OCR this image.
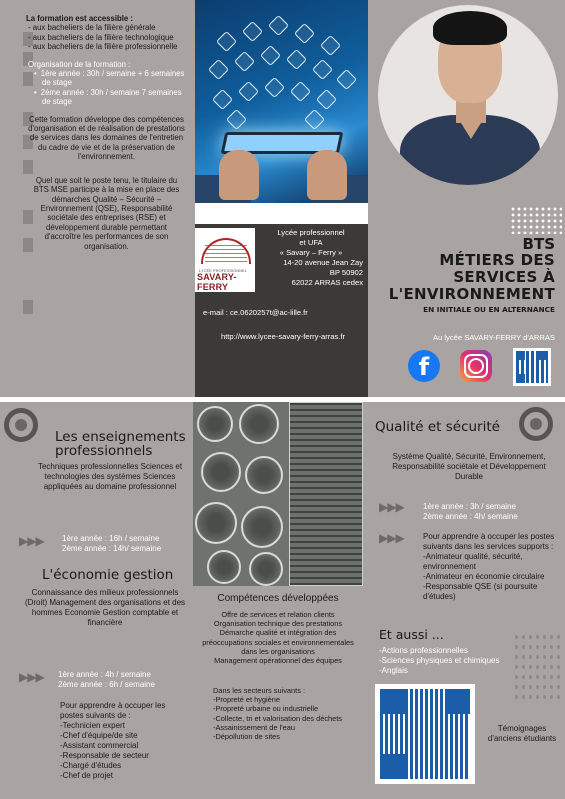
La formation est accessible :
- aux bacheliers de la filière générale
- aux bacheliers de la filière technologique
- aux bacheliers de la filière professionnelle
Organisation de la formation :
• 1ère année : 30h / semaine + 6 semaines de stage
• 2ème année : 30h / semaine 7 semaines de stage

Cette formation développe des compétences d'organisation et de réalisation de prestations de services dans les domaines de l'entretien du cadre de vie et de la préservation de l'environnement.

Quel que soit le poste tenu, le titulaire du BTS MSE participe à la mise en place des démarches Qualité – Sécurité – Environnement (QSE), Responsabilité sociétale des entreprises (RSE) et développement durable permettant d'accroître les performances de son organisation.

LYCÉE PROFESSIONNEL
SAVARY-FERRY
Lycée professionnel
et UFA
« Savary – Ferry »
14-20 avenue Jean Zay
BP 50902
62022 ARRAS cedex

e-mail : ce.0620257t@ac-lille.fr

http://www.lycee-savary-ferry-arras.fr

BTS
MÉTIERS DES
SERVICES À
L'ENVIRONNEMENT
EN INITIALE OU EN ALTERNANCE
Au lycée SAVARY-FERRY d'ARRAS
f
Les enseignements professionnels

Techniques professionnelles Sciences et technologies des systèmes Sciences appliquées au domaine professionnel

▶▶▶ 1ère année : 16h / semaine
2ème année : 14h/ semaine
L'économie gestion

Connaissance des milieux professionnels (Droit) Management des organisations et des hommes Economie Gestion comptable et financière

▶▶▶ 1ère année : 4h / semaine
2ème année : 6h / semaine
Pour apprendre à occuper les postes suivants de :
-Technicien expert
-Chef d'équipe/de site
-Assistant commercial
-Responsable de secteur
-Chargé d'études
-Chef de projet
Compétences développées
Offre de services et relation clients
Organisation technique des prestations
Démarche qualité et intégration des préoccupations sociales et environnementales dans les organisations
Management opérationnel des équipes
Dans les secteurs suivants :
-Propreté et hygiène
-Propreté urbaine ou industrielle
-Collecte, tri et valorisation des déchets
-Assainissement de l'eau
-Dépollution de sites
Qualité et sécurité

Système Qualité, Sécurité, Environnement, Responsabilité sociétale et Développement Durable

▶▶▶ 1ère année : 3h / semaine
2ème année : 4h/ semaine
▶▶▶ Pour apprendre à occuper les postes suivants dans les services supports :
-Animateur qualité, sécurité, environnement
-Animateur en économie circulaire
-Responsable QSE (si poursuite d'études)
Et aussi ...
-Actions professionnelles
-Sciences physiques et chimiques
-Anglais
Témoignages d'anciens étudiants
